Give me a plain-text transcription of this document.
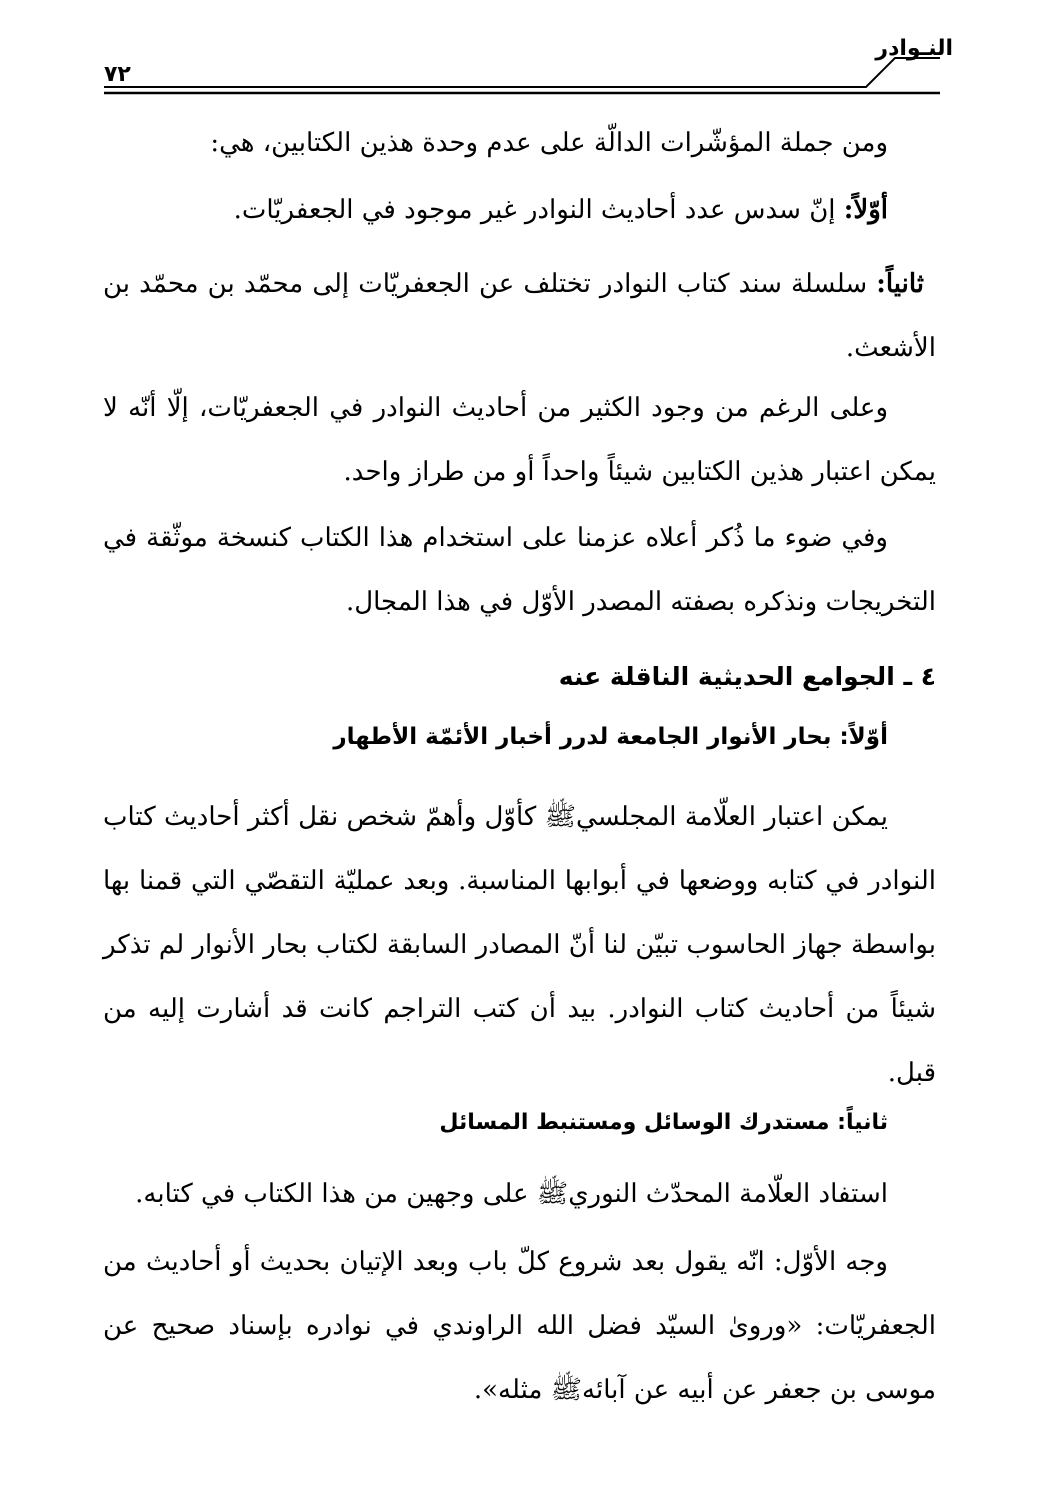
النـوادر
٧٢
ومن جملة المؤشّرات الدالّة على عدم وحدة هذين الكتابين، هي:
أوّلاً: إنّ سدس عدد أحاديث النوادر غير موجود في الجعفريّات.
ثانياً: سلسلة سند كتاب النوادر تختلف عن الجعفريّات إلى محمّد بن محمّد بن الأشعث.
وعلى الرغم من وجود الكثير من أحاديث النوادر في الجعفريّات، إلّا أنّه لا يمكن اعتبار هذين الكتابين شيئاً واحداً أو من طراز واحد.
وفي ضوء ما ذُكر أعلاه عزمنا على استخدام هذا الكتاب كنسخة موثّقة في التخريجات ونذكره بصفته المصدر الأوّل في هذا المجال.
٤ ـ الجوامع الحديثية الناقلة عنه
أوّلاً: بحار الأنوار الجامعة لدرر أخبار الأئمّة الأطهار
يمكن اعتبار العلّامة المجلسي‏ﷺ كأوّل وأهمّ شخص نقل أكثر أحاديث كتاب النوادر في كتابه ووضعها في أبوابها المناسبة. وبعد عمليّة التقصّي التي قمنا بها بواسطة جهاز الحاسوب تبيّن لنا أنّ المصادر السابقة لكتاب بحار الأنوار لم تذكر شيئاً من أحاديث كتاب النوادر. بيد أن كتب التراجم كانت قد أشارت إليه من قبل.
ثانياً: مستدرك الوسائل ومستنبط المسائل
استفاد العلّامة المحدّث النوري‏ﷺ على وجهين من هذا الكتاب في كتابه.
وجه الأوّل: انّه يقول بعد شروع كلّ باب وبعد الإتيان بحديث أو أحاديث من الجعفريّات: «ورویٰ السيّد فضل الله الراوندي في نوادره بإسناد صحيح عن موسى بن جعفر عن أبيه عن آبائه‏ﷺ مثله».
